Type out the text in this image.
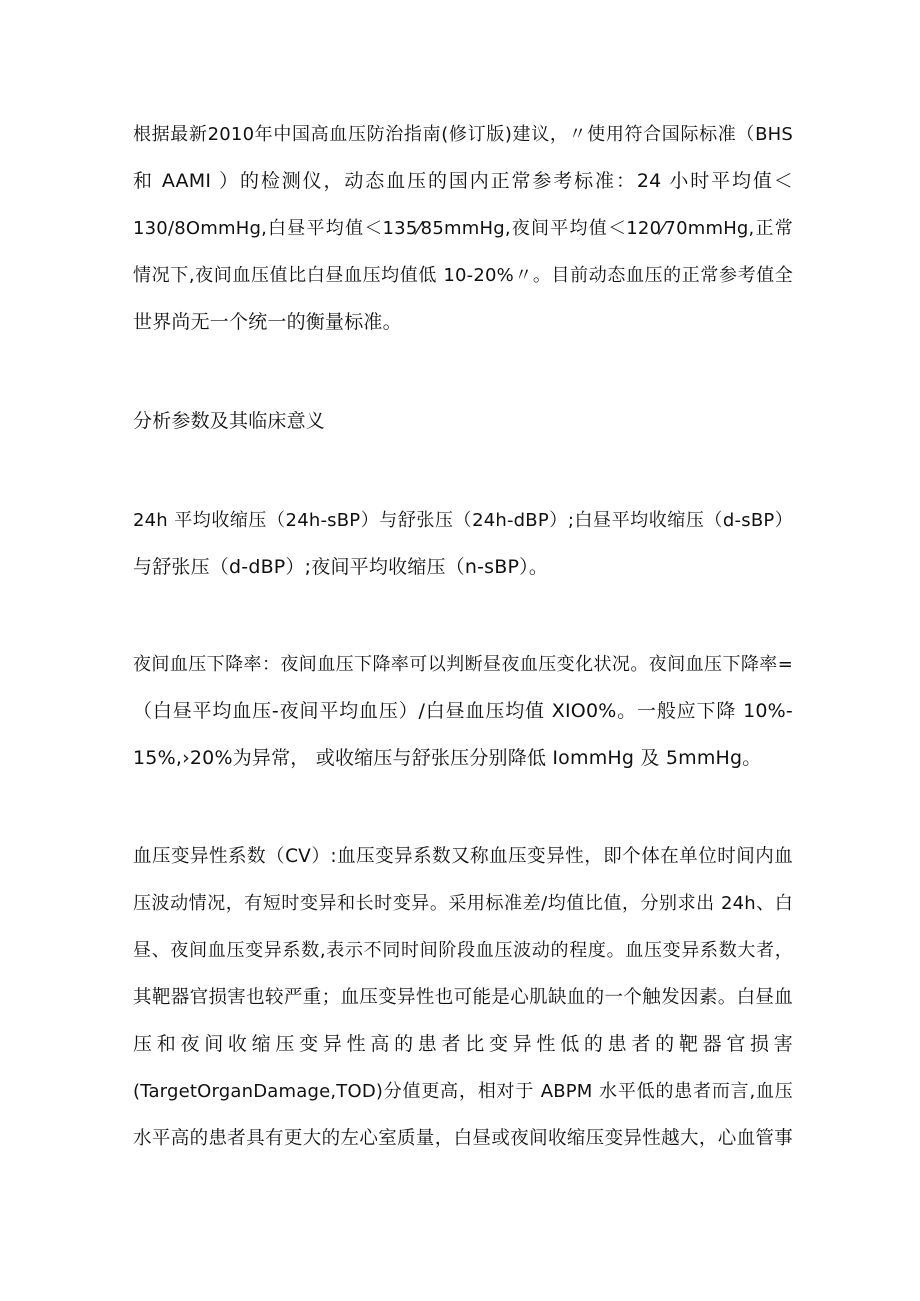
根据最新2010年中国高血压防治指南(修订版)建议，〃使用符合国际标准（BHS
和 AAMI ）的检测仪，动态血压的国内正常参考标准：24 小时平均值＜
130/8OmmHg,白昼平均值＜135⁄85mmHg,夜间平均值＜120⁄70mmHg,正常
情况下,夜间血压值比白昼血压均值低 10-20%〃。目前动态血压的正常参考值全
世界尚无一个统一的衡量标准。
分析参数及其临床意义
24h 平均收缩压（24h-sBP）与舒张压（24h-dBP）;白昼平均收缩压（d-sBP）
与舒张压（d-dBP）;夜间平均收缩压（n-sBP）。
夜间血压下降率：夜间血压下降率可以判断昼夜血压变化状况。夜间血压下降率=
（白昼平均血压-夜间平均血压）/白昼血压均值 XIO0%。一般应下降 10%-
15%,›20%为异常， 或收缩压与舒张压分别降低 IommHg 及 5mmHg。
血压变异性系数（CV）:血压变异系数又称血压变异性，即个体在单位时间内血
压波动情况，有短时变异和长时变异。采用标准差/均值比值，分别求出 24h、白
昼、夜间血压变异系数,表示不同时间阶段血压波动的程度。血压变异系数大者，
其靶器官损害也较严重；血压变异性也可能是心肌缺血的一个触发因素。白昼血
压和夜间收缩压变异性高的患者比变异性低的患者的靶器官损害
(TargetOrganDamage,TOD)分值更高，相对于 ABPM 水平低的患者而言,血压
水平高的患者具有更大的左心室质量，白昼或夜间收缩压变异性越大，心血管事
